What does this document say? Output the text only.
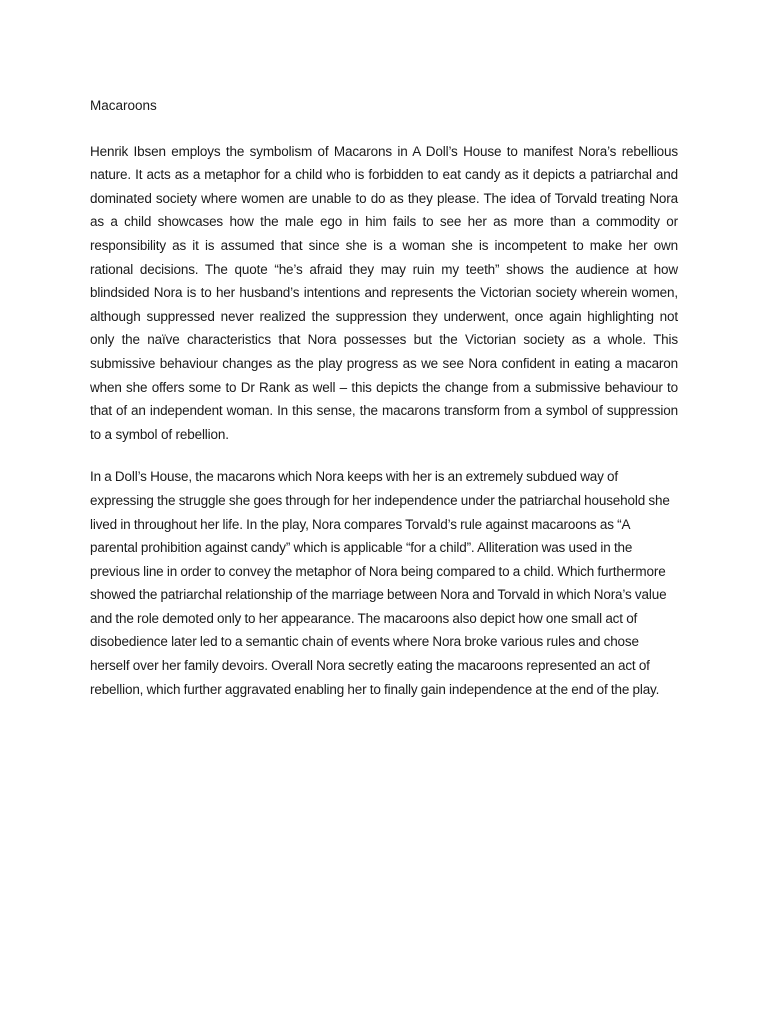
Macaroons

Henrik Ibsen employs the symbolism of Macarons in A Doll’s House to manifest Nora’s rebellious nature. It acts as a metaphor for a child who is forbidden to eat candy as it depicts a patriarchal and dominated society where women are unable to do as they please. The idea of Torvald treating Nora as a child showcases how the male ego in him fails to see her as more than a commodity or responsibility as it is assumed that since she is a woman she is incompetent to make her own rational decisions. The quote “he’s afraid they may ruin my teeth” shows the audience at how blindsided Nora is to her husband’s intentions and represents the Victorian society wherein women, although suppressed never realized the suppression they underwent, once again highlighting not only the naïve characteristics that Nora possesses but the Victorian society as a whole. This submissive behaviour changes as the play progress as we see Nora confident in eating a macaron when she offers some to Dr Rank as well – this depicts the change from a submissive behaviour to that of an independent woman. In this sense, the macarons transform from a symbol of suppression to a symbol of rebellion.

In a Doll’s House, the macarons which Nora keeps with her is an extremely subdued way of expressing the struggle she goes through for her independence under the patriarchal household she lived in throughout her life. In the play, Nora compares Torvald’s rule against macaroons as “A parental prohibition against candy” which is applicable “for a child”. Alliteration was used in the previous line in order to convey the metaphor of Nora being compared to a child. Which furthermore showed the patriarchal relationship of the marriage between Nora and Torvald in which Nora’s value and the role demoted only to her appearance. The macaroons also depict how one small act of disobedience later led to a semantic chain of events where Nora broke various rules and chose herself over her family devoirs. Overall Nora secretly eating the macaroons represented an act of rebellion, which further aggravated enabling her to finally gain independence at the end of the play.
